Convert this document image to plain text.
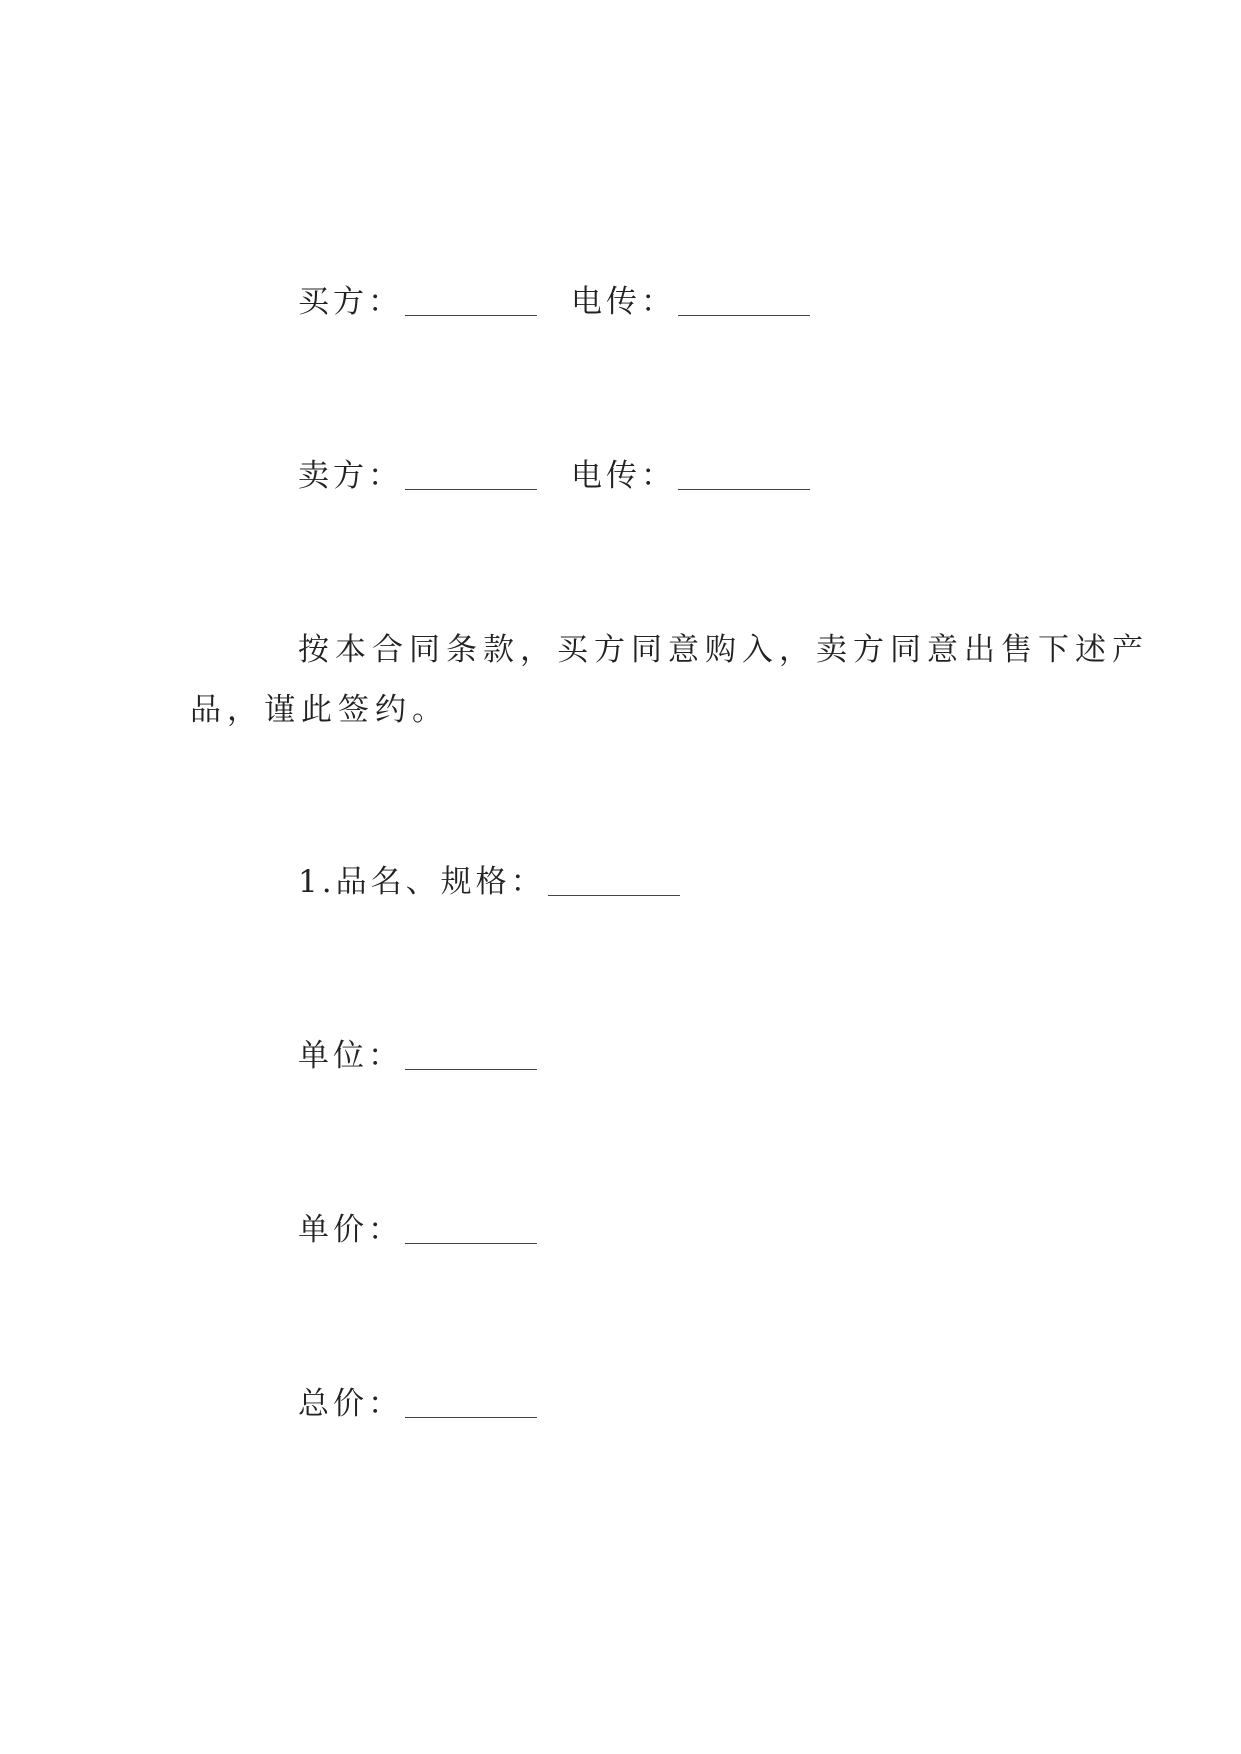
买方：	电传：
卖方：	电传：
按本合同条款，买方同意购入，卖方同意出售下述产
品，谨此签约。
1.品名、规格：
单位：
单价：
总价：
